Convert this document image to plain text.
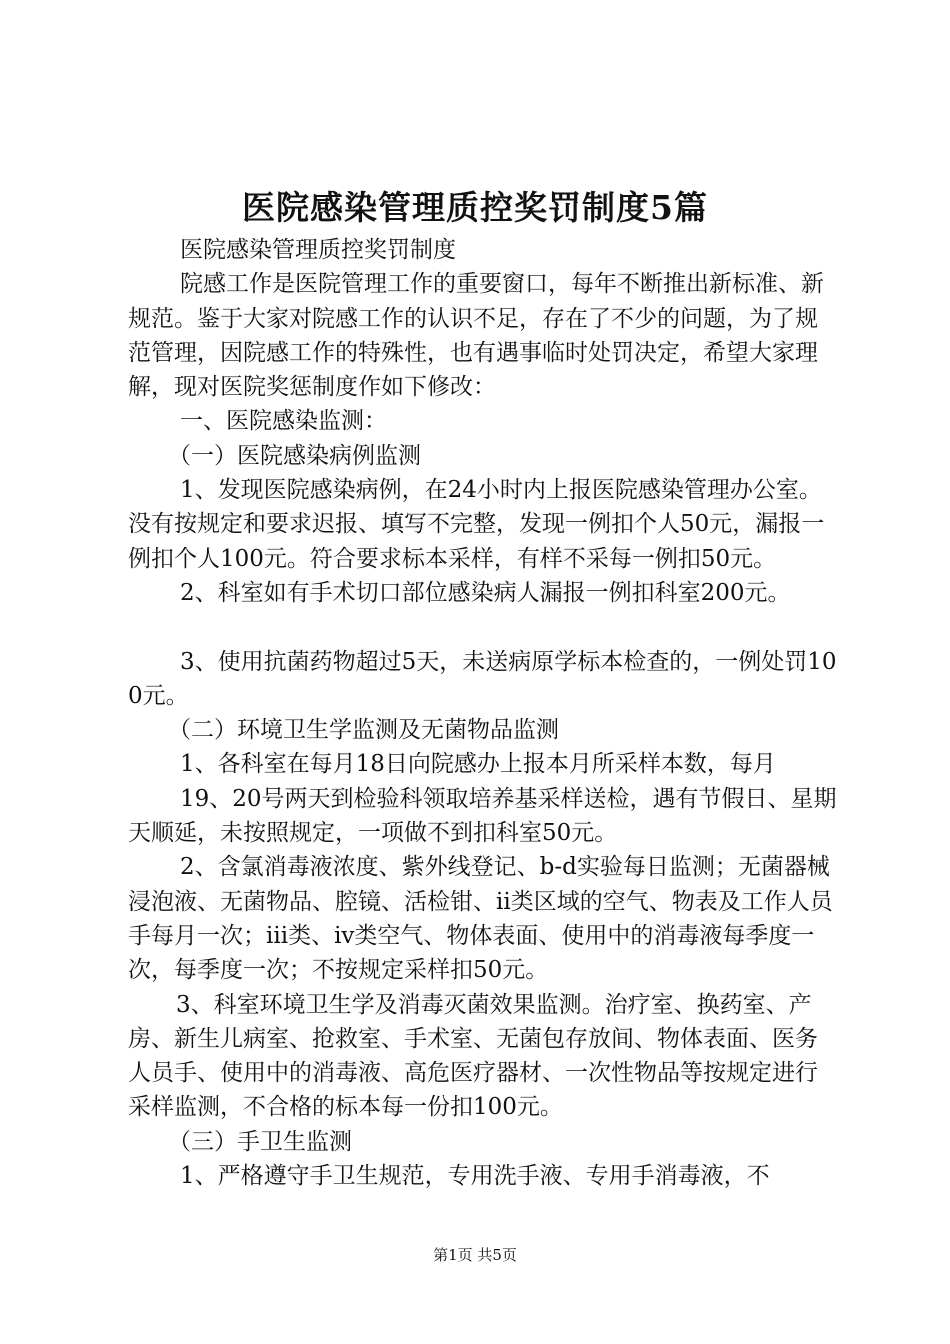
医院感染管理质控奖罚制度5篇

医院感染管理质控奖罚制度

院感工作是医院管理工作的重要窗口，每年不断推出新标准、新规范。鉴于大家对院感工作的认识不足，存在了不少的问题，为了规范管理，因院感工作的特殊性，也有遇事临时处罚决定，希望大家理解，现对医院奖惩制度作如下修改：

一、医院感染监测：

（一）医院感染病例监测

1、发现医院感染病例，在24小时内上报医院感染管理办公室。没有按规定和要求迟报、填写不完整，发现一例扣个人50元，漏报一例扣个人100元。符合要求标本采样，有样不采每一例扣50元。

2、科室如有手术切口部位感染病人漏报一例扣科室200元。

3、使用抗菌药物超过5天，未送病原学标本检查的，一例处罚100元。

（二）环境卫生学监测及无菌物品监测

1、各科室在每月18日向院感办上报本月所采样本数，每月

19、20号两天到检验科领取培养基采样送检，遇有节假日、星期天顺延，未按照规定，一项做不到扣科室50元。

2、含氯消毒液浓度、紫外线登记、b-d实验每日监测；无菌器械浸泡液、无菌物品、腔镜、活检钳、ii类区域的空气、物表及工作人员手每月一次；iii类、iv类空气、物体表面、使用中的消毒液每季度一次，每季度一次；不按规定采样扣50元。

3、科室环境卫生学及消毒灭菌效果监测。治疗室、换药室、产房、新生儿病室、抢救室、手术室、无菌包存放间、物体表面、医务人员手、使用中的消毒液、高危医疗器材、一次性物品等按规定进行采样监测，不合格的标本每一份扣100元。

（三）手卫生监测

1、严格遵守手卫生规范，专用洗手液、专用手消毒液，不

第1页 共5页
